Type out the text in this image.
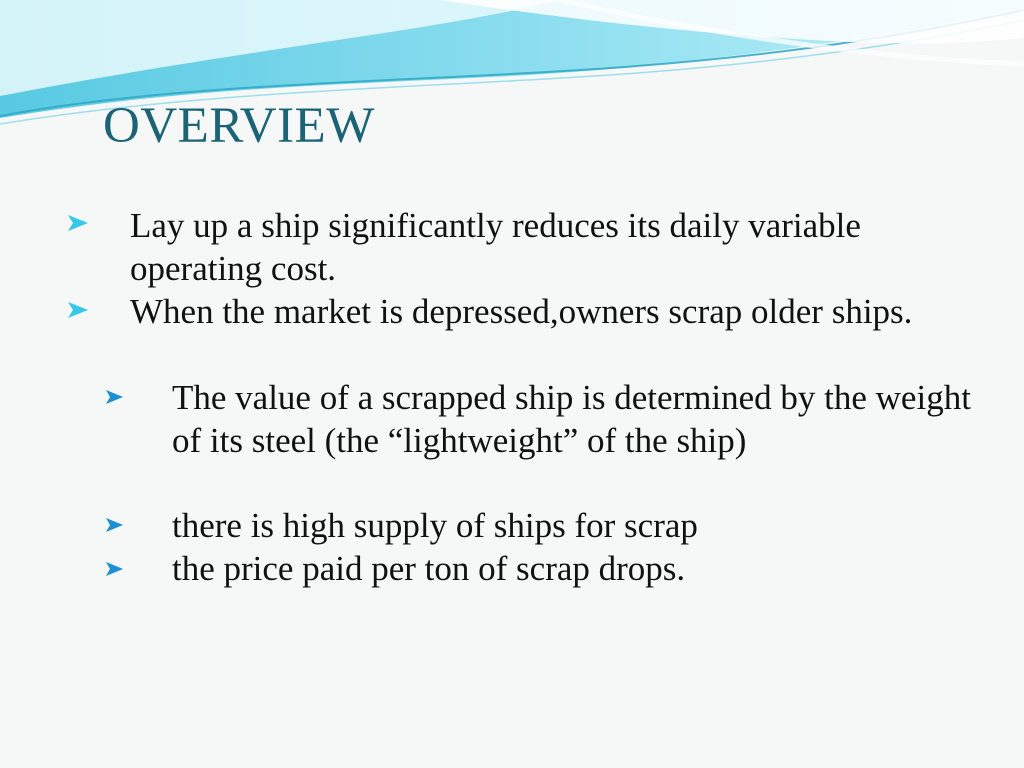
OVERVIEW
Lay up a ship significantly reduces its daily variable operating cost.
When the market is depressed,owners scrap older ships.
The value of a scrapped ship is determined by the weight of its steel (the “lightweight” of the ship)
there is high supply of ships for scrap
the price paid per ton of scrap drops.
